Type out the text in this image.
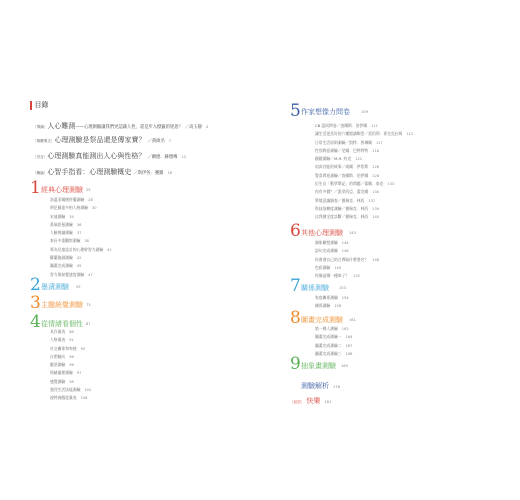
目錄
〔導讀〕人心難測——心理測驗讓我們更認識人性，還是步入標籤的迷思？ ／高玉靜 4
〔推薦專文〕心理測驗是祭品還是傳家寶？ ／黃碩名 7
〔引言〕心理測驗真能測出人心與性格？ ／蘭德．赫德傳 12
〔概論〕心智手指看：心理測驗概史 ／斯伊各．賽羅 16
1 經典心理測驗 25
洛溫菲爾德併擺測驗 28
明尼蘇達多相人格測驗 30
宋迪測驗 34
葛瑞思曼測驗 36
人臉辨識測驗 37
家長多重觀察測驗 38
專為兒童設計的心理幹智力測驗 41
羅蘭施測測驗 42
圖畫完成測驗 45
智力與知覺速度測驗 47
2 墨漬測驗 55
3 主題統覺測驗 73
4 從情緒看個性 87
具存量表 88
人格量表 91
社交關係和卑感 95
自閉傾向 96
厭惡測驗 96
情緒處理測驗 97
感覺測驗 98
強烈生活技能測驗 102
波特森態度量表 108
5 作家想像力問卷	109
CB 認同問卷／查爾斯．伯伊爾 111
讓生活更美好的六種閱讀類型／雷伯利．麥克克拉姆 112
日常生活原則測驗／凱特．普琳爾 117
性別問卷測驗／尼爾．巴特利特 118
蹺蹺測驗／M.H. 約克 122
似真官能的故事／威爾．伊希斯 126
警喜問卷測驗／查爾斯．伯伊爾 128
衍生自「動學筆記」的問題／葆爾．泰克 133
你有多價？／派翠西亞．蕾克爾 134
夢境意識調查／德瑞克．林西 137
科技依賴度測驗／德瑞克．林西 139
自我健全度診斷／德瑞克．林西 140
6 其他心理測驗 143
調象聯想測驗 144
語句完成測驗 146
你會發自己的合傳取什麼書名？ 148
色彩測驗 149
你像是哪一種車子？ 152
7 關係測驗	153
家庭關係測驗 154
關係測驗 158
8 圖畫完成測驗 161
第一棵人測驗 162
圖畫完成測驗一 164
圖畫完成測驗二 167
圖畫完成測驗三 168
9 抽象畫測驗 169
測驗解析 178
〔結語〕 快樂 181
